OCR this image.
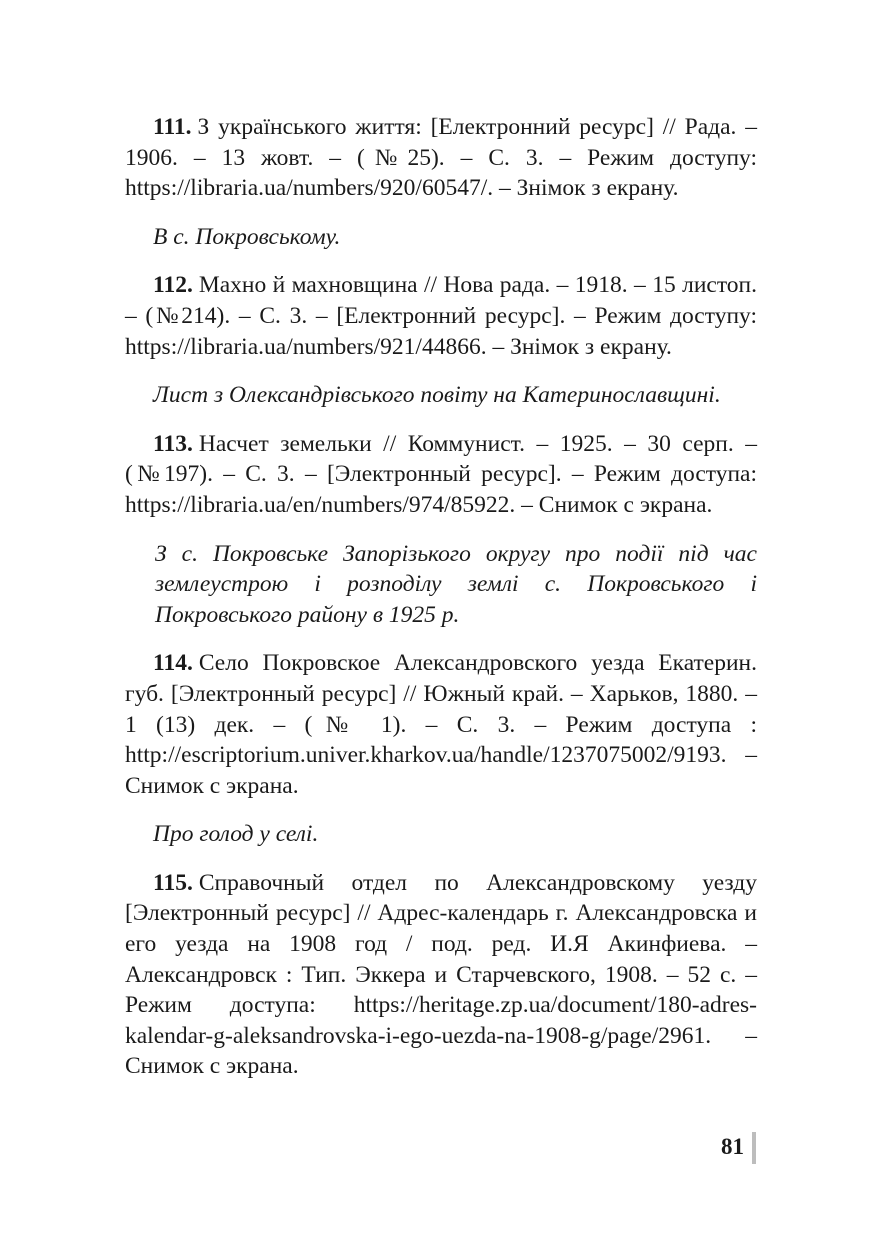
111. З українського життя: [Електронний ресурс] // Рада. – 1906. – 13 жовт. – (№25). – С. 3. – Режим доступу: https://libraria.ua/numbers/920/60547/. – Знімок з екрану.

В с. Покровському.

112. Махно й махновщина // Нова рада. – 1918. – 15 листоп. – (№214). – С. 3. – [Електронний ресурс]. – Режим доступу: https://libraria.ua/numbers/921/44866. – Знімок з екрану.

Лист з Олександрівського повіту на Катеринославщині.

113. Насчет земельки // Коммунист. – 1925. – 30 серп. – (№197). – С. 3. – [Электронный ресурс]. – Режим доступа: https://libraria.ua/en/numbers/974/85922. – Снимок с экрана.

З с. Покровське Запорізького округу про події під час землеустрою і розподілу землі с. Покровського і Покровського району в 1925 р.

114. Село Покровское Александровского уезда Екатерин. губ. [Электронный ресурс] // Южный край. – Харьков, 1880. – 1 (13) дек. – (№ 1). – С. 3. – Режим доступа : http://escriptorium.univer.kharkov.ua/handle/1237075002/9193. – Снимок с экрана.

Про голод у селі.

115. Справочный отдел по Александровскому уезду [Электронный ресурс] // Адрес-календарь г. Александровска и его уезда на 1908 год / под. ред. И.Я Акинфиева. – Александровск : Тип. Эккера и Старчевского, 1908. – 52 с. – Режим доступа: https://heritage.zp.ua/document/180-adres-kalendar-g-aleksandrovska-i-ego-uezda-na-1908-g/page/2961. – Снимок с экрана.

81
